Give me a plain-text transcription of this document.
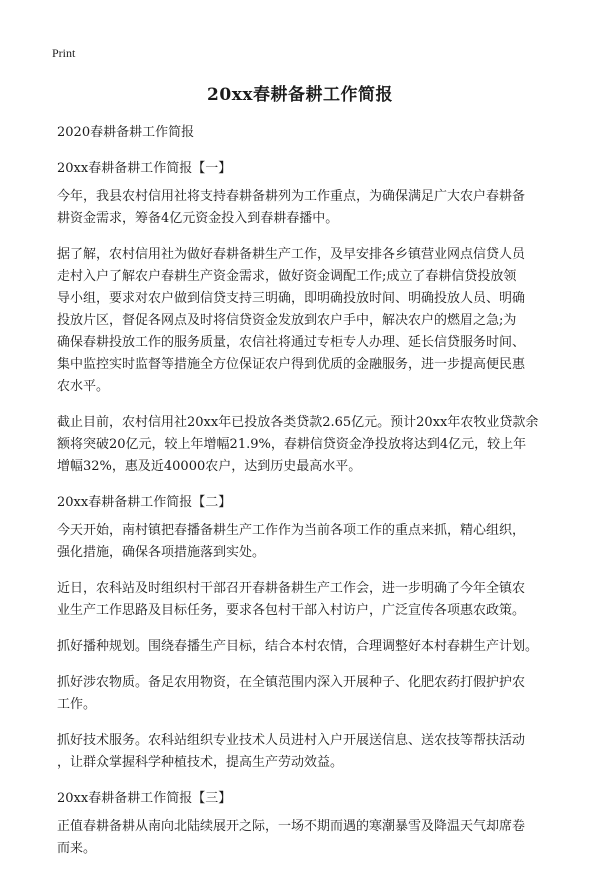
Print
20xx春耕备耕工作简报
2020春耕备耕工作简报
20xx春耕备耕工作简报【一】
今年，我县农村信用社将支持春耕备耕列为工作重点，为确保满足广大农户春耕备
耕资金需求，筹备4亿元资金投入到春耕春播中。
据了解，农村信用社为做好春耕备耕生产工作，及早安排各乡镇营业网点信贷人员
走村入户了解农户春耕生产资金需求，做好资金调配工作;成立了春耕信贷投放领
导小组，要求对农户做到信贷支持三明确，即明确投放时间、明确投放人员、明确
投放片区，督促各网点及时将信贷资金发放到农户手中，解决农户的燃眉之急;为
确保春耕投放工作的服务质量，农信社将通过专柜专人办理、延长信贷服务时间、
集中监控实时监督等措施全方位保证农户得到优质的金融服务，进一步提高便民惠
农水平。
截止目前，农村信用社20xx年已投放各类贷款2.65亿元。预计20xx年农牧业贷款余
额将突破20亿元，较上年增幅21.9%，春耕信贷资金净投放将达到4亿元，较上年
增幅32%，惠及近40000农户，达到历史最高水平。
20xx春耕备耕工作简报【二】
今天开始，南村镇把春播备耕生产工作作为当前各项工作的重点来抓，精心组织，
强化措施，确保各项措施落到实处。
近日，农科站及时组织村干部召开春耕备耕生产工作会，进一步明确了今年全镇农
业生产工作思路及目标任务，要求各包村干部入村访户，广泛宣传各项惠农政策。
抓好播种规划。围绕春播生产目标，结合本村农情，合理调整好本村春耕生产计划。
抓好涉农物质。备足农用物资，在全镇范围内深入开展种子、化肥农药打假护护农
工作。
抓好技术服务。农科站组织专业技术人员进村入户开展送信息、送农技等帮扶活动
，让群众掌握科学种植技术，提高生产劳动效益。
20xx春耕备耕工作简报【三】
正值春耕备耕从南向北陆续展开之际，一场不期而遇的寒潮暴雪及降温天气却席卷
而来。
